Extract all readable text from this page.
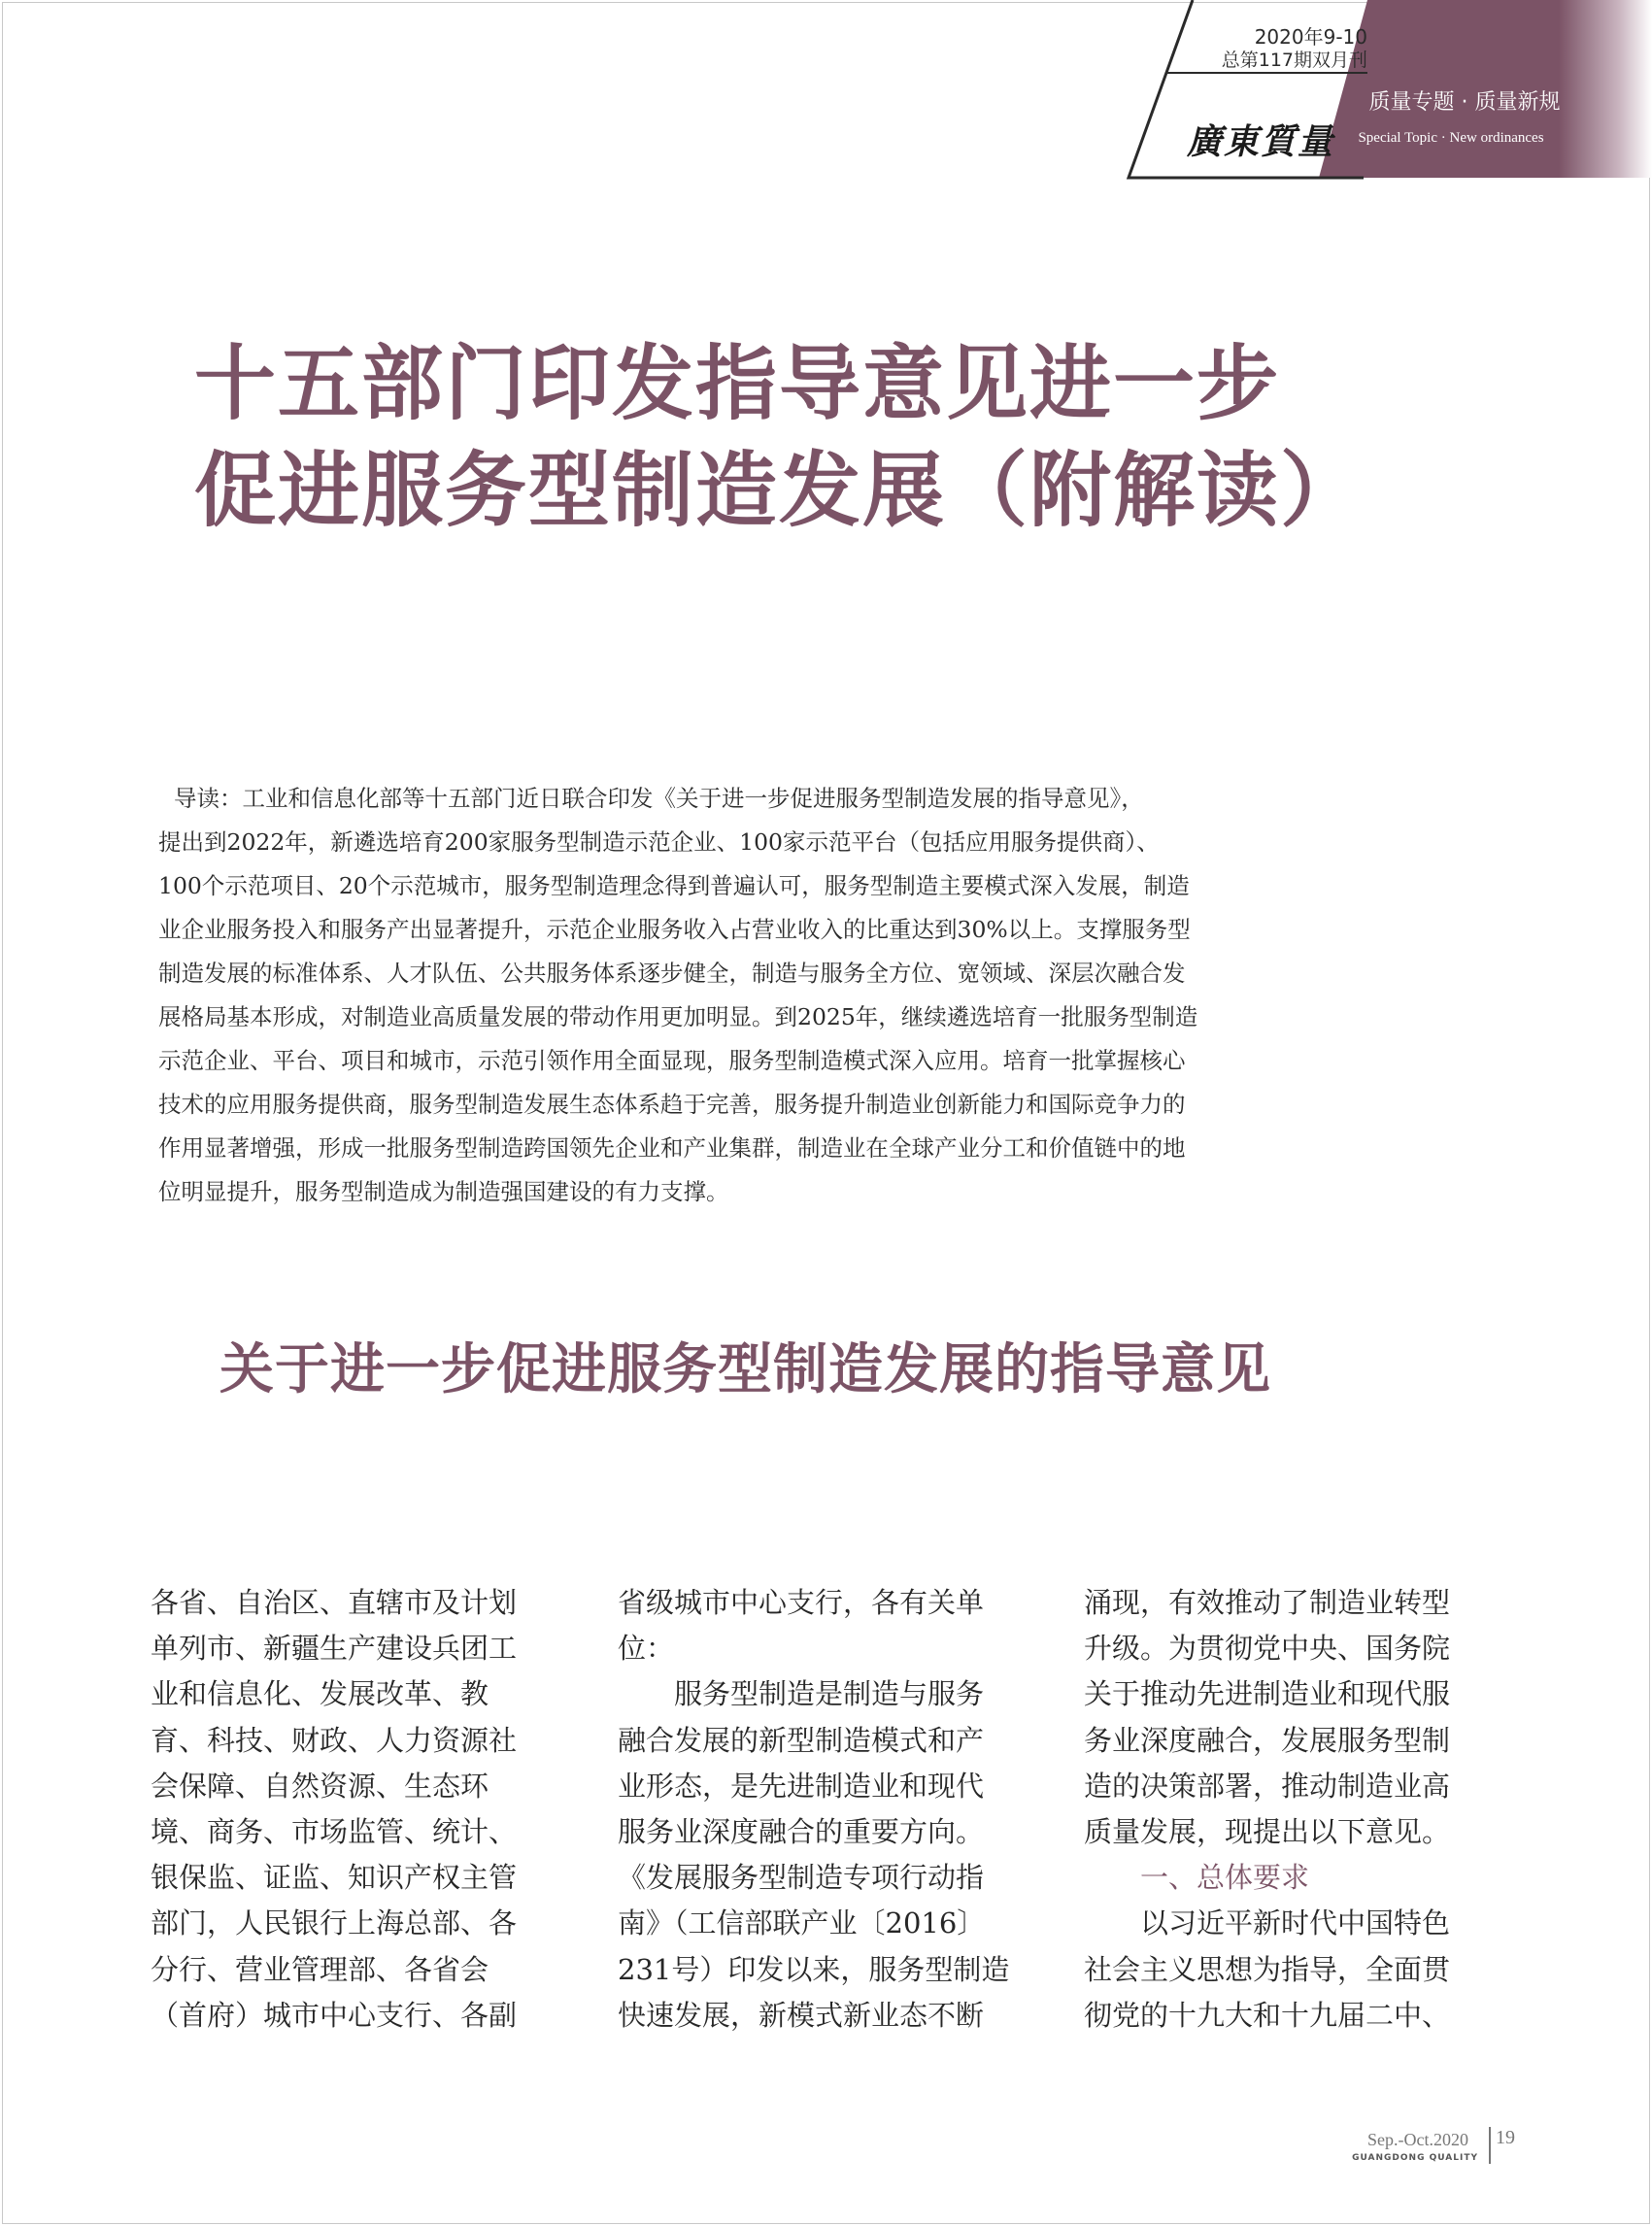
2020年9-10
总第117期双月刊
廣東質量
质量专题 · 质量新规
Special Topic · New ordinances
十五部门印发指导意见进一步
促进服务型制造发展（附解读）
导读：工业和信息化部等十五部门近日联合印发《关于进一步促进服务型制造发展的指导意见》，
提出到2022年，新遴选培育200家服务型制造示范企业、100家示范平台（包括应用服务提供商）、
100个示范项目、20个示范城市，服务型制造理念得到普遍认可，服务型制造主要模式深入发展，制造
业企业服务投入和服务产出显著提升，示范企业服务收入占营业收入的比重达到30%以上。支撑服务型
制造发展的标准体系、人才队伍、公共服务体系逐步健全，制造与服务全方位、宽领域、深层次融合发
展格局基本形成，对制造业高质量发展的带动作用更加明显。到2025年，继续遴选培育一批服务型制造
示范企业、平台、项目和城市，示范引领作用全面显现，服务型制造模式深入应用。培育一批掌握核心
技术的应用服务提供商，服务型制造发展生态体系趋于完善，服务提升制造业创新能力和国际竞争力的
作用显著增强，形成一批服务型制造跨国领先企业和产业集群，制造业在全球产业分工和价值链中的地
位明显提升，服务型制造成为制造强国建设的有力支撑。
关于进一步促进服务型制造发展的指导意见
各省、自治区、直辖市及计划
单列市、新疆生产建设兵团工
业和信息化、发展改革、教
育、科技、财政、人力资源社
会保障、自然资源、生态环
境、商务、市场监管、统计、
银保监、证监、知识产权主管
部门，人民银行上海总部、各
分行、营业管理部、各省会
（首府）城市中心支行、各副
省级城市中心支行，各有关单
位：
　　服务型制造是制造与服务
融合发展的新型制造模式和产
业形态，是先进制造业和现代
服务业深度融合的重要方向。
《发展服务型制造专项行动指
南》（工信部联产业〔2016〕
231号）印发以来，服务型制造
快速发展，新模式新业态不断
涌现，有效推动了制造业转型
升级。为贯彻党中央、国务院
关于推动先进制造业和现代服
务业深度融合，发展服务型制
造的决策部署，推动制造业高
质量发展，现提出以下意见。
　　一、总体要求
　　以习近平新时代中国特色
社会主义思想为指导，全面贯
彻党的十九大和十九届二中、
Sep.-Oct.2020
GUANGDONG QUALITY
19
